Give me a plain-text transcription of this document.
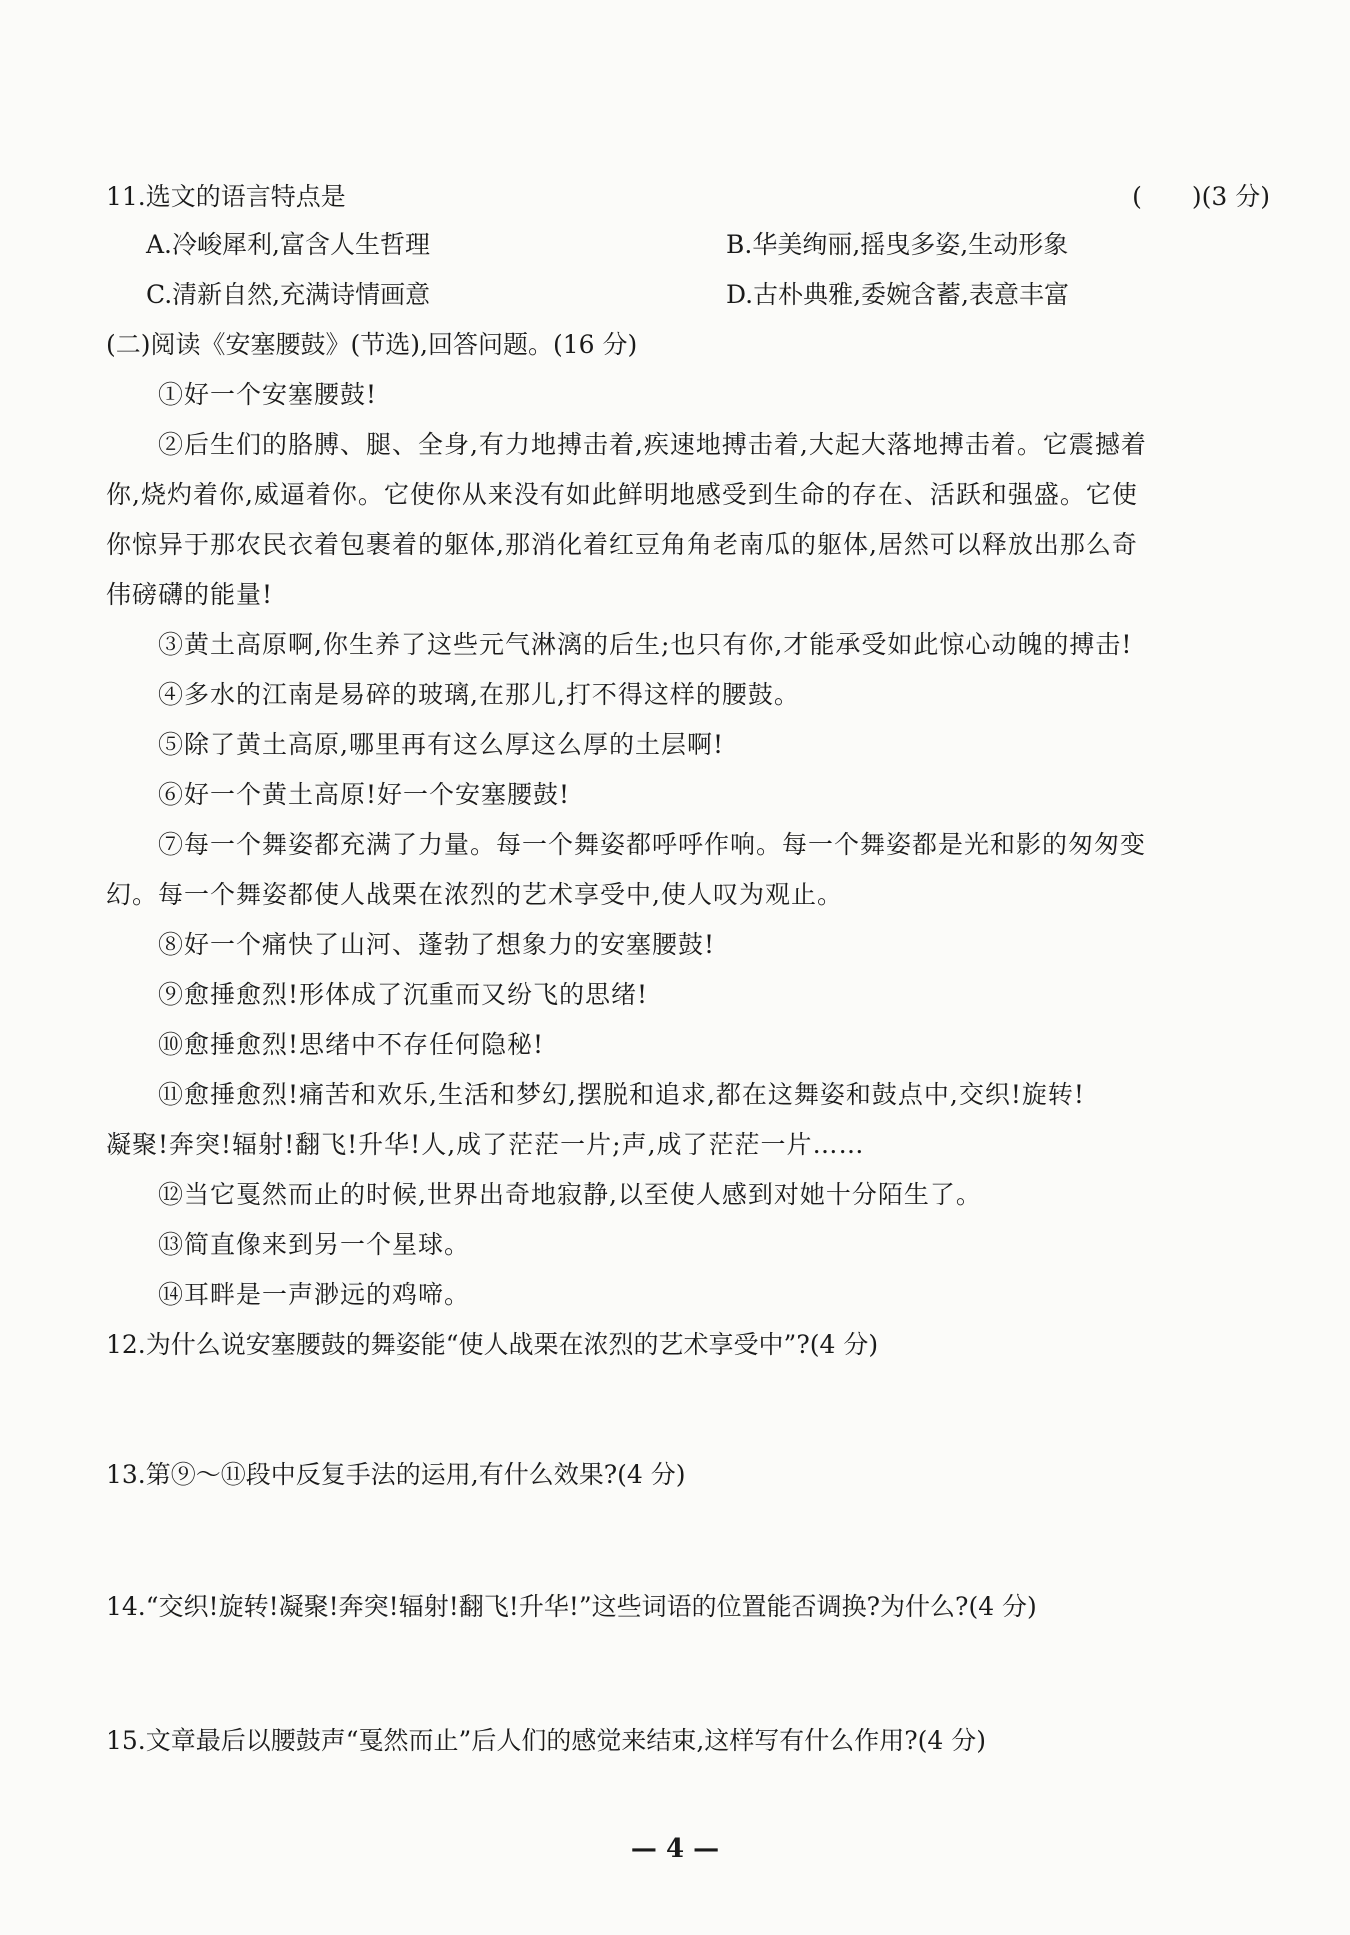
11.选文的语言特点是	(　　)(3 分)
A.冷峻犀利,富含人生哲理	B.华美绚丽,摇曳多姿,生动形象
C.清新自然,充满诗情画意	D.古朴典雅,委婉含蓄,表意丰富
(二)阅读《安塞腰鼓》(节选),回答问题。(16 分)
①好一个安塞腰鼓!
②后生们的胳膊、腿、全身,有力地搏击着,疾速地搏击着,大起大落地搏击着。它震撼着
你,烧灼着你,威逼着你。它使你从来没有如此鲜明地感受到生命的存在、活跃和强盛。它使
你惊异于那农民衣着包裹着的躯体,那消化着红豆角角老南瓜的躯体,居然可以释放出那么奇
伟磅礴的能量!
③黄土高原啊,你生养了这些元气淋漓的后生;也只有你,才能承受如此惊心动魄的搏击!
④多水的江南是易碎的玻璃,在那儿,打不得这样的腰鼓。
⑤除了黄土高原,哪里再有这么厚这么厚的土层啊!
⑥好一个黄土高原!好一个安塞腰鼓!
⑦每一个舞姿都充满了力量。每一个舞姿都呼呼作响。每一个舞姿都是光和影的匆匆变
幻。每一个舞姿都使人战栗在浓烈的艺术享受中,使人叹为观止。
⑧好一个痛快了山河、蓬勃了想象力的安塞腰鼓!
⑨愈捶愈烈!形体成了沉重而又纷飞的思绪!
⑩愈捶愈烈!思绪中不存任何隐秘!
⑪愈捶愈烈!痛苦和欢乐,生活和梦幻,摆脱和追求,都在这舞姿和鼓点中,交织!旋转!
凝聚!奔突!辐射!翻飞!升华!人,成了茫茫一片;声,成了茫茫一片……
⑫当它戛然而止的时候,世界出奇地寂静,以至使人感到对她十分陌生了。
⑬简直像来到另一个星球。
⑭耳畔是一声渺远的鸡啼。
12.为什么说安塞腰鼓的舞姿能“使人战栗在浓烈的艺术享受中”?(4 分)
13.第⑨～⑪段中反复手法的运用,有什么效果?(4 分)
14.“交织!旋转!凝聚!奔突!辐射!翻飞!升华!”这些词语的位置能否调换?为什么?(4 分)
15.文章最后以腰鼓声“戛然而止”后人们的感觉来结束,这样写有什么作用?(4 分)
— 4 —
